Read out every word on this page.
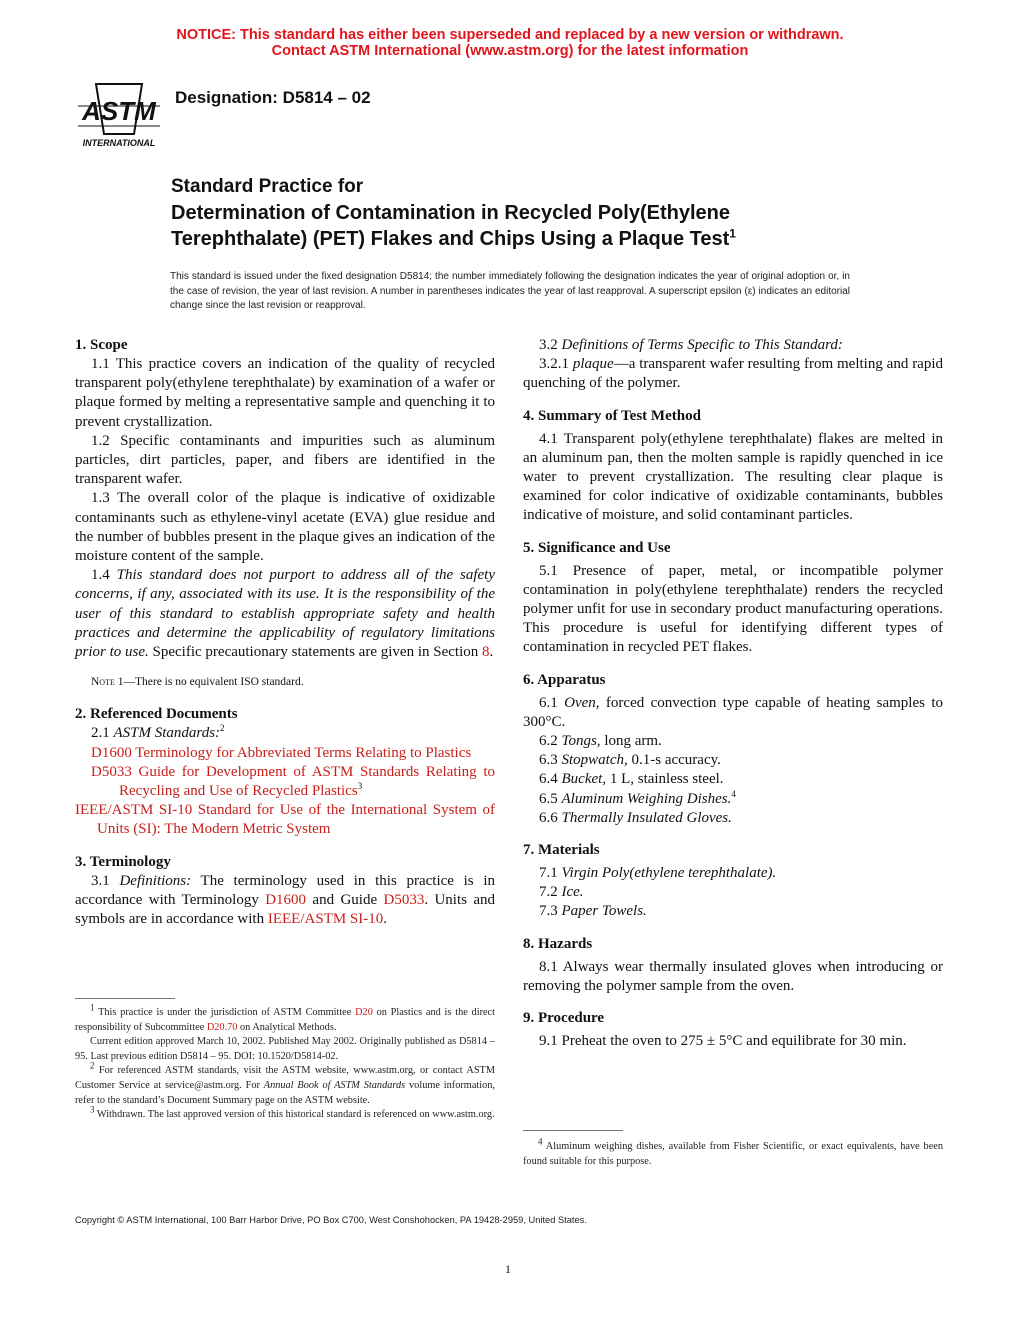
NOTICE: This standard has either been superseded and replaced by a new version or withdrawn.
Contact ASTM International (www.astm.org) for the latest information
ASTM
INTERNATIONAL
Designation: D5814 – 02
Standard Practice for
Determination of Contamination in Recycled Poly(Ethylene
Terephthalate) (PET) Flakes and Chips Using a Plaque Test$^1$

This standard is issued under the fixed designation D5814; the number immediately following the designation indicates the year of original adoption or, in the case of revision, the year of last revision. A number in parentheses indicates the year of last reapproval. A superscript epsilon (ε) indicates an editorial change since the last revision or reapproval.

1. Scope

1.1 This practice covers an indication of the quality of recycled transparent poly(ethylene terephthalate) by examination of a wafer or plaque formed by melting a representative sample and quenching it to prevent crystallization.

1.2 Specific contaminants and impurities such as aluminum particles, dirt particles, paper, and fibers are identified in the transparent wafer.

1.3 The overall color of the plaque is indicative of oxidizable contaminants such as ethylene-vinyl acetate (EVA) glue residue and the number of bubbles present in the plaque gives an indication of the moisture content of the sample.

1.4 This standard does not purport to address all of the safety concerns, if any, associated with its use. It is the responsibility of the user of this standard to establish appropriate safety and health practices and determine the applicability of regulatory limitations prior to use. Specific precautionary statements are given in Section 8.

Note 1—There is no equivalent ISO standard.

2. Referenced Documents

2.1 ASTM Standards:$^2$

D1600 Terminology for Abbreviated Terms Relating to Plastics

D5033 Guide for Development of ASTM Standards Relating to Recycling and Use of Recycled Plastics$^3$

IEEE/ASTM SI-10 Standard for Use of the International System of Units (SI): The Modern Metric System

3. Terminology

3.1 Definitions: The terminology used in this practice is in accordance with Terminology D1600 and Guide D5033. Units and symbols are in accordance with IEEE/ASTM SI-10.

3.2 Definitions of Terms Specific to This Standard:

3.2.1 plaque—a transparent wafer resulting from melting and rapid quenching of the polymer.

4. Summary of Test Method

4.1 Transparent poly(ethylene terephthalate) flakes are melted in an aluminum pan, then the molten sample is rapidly quenched in ice water to prevent crystallization. The resulting clear plaque is examined for color indicative of oxidizable contaminants, bubbles indicative of moisture, and solid contaminant particles.

5. Significance and Use

5.1 Presence of paper, metal, or incompatible polymer contamination in poly(ethylene terephthalate) renders the recycled polymer unfit for use in secondary product manufacturing operations. This procedure is useful for identifying different types of contamination in recycled PET flakes.

6. Apparatus

6.1 Oven, forced convection type capable of heating samples to 300°C.

6.2 Tongs, long arm.

6.3 Stopwatch, 0.1-s accuracy.

6.4 Bucket, 1 L, stainless steel.

6.5 Aluminum Weighing Dishes.$^4$

6.6 Thermally Insulated Gloves.

7. Materials

7.1 Virgin Poly(ethylene terephthalate).

7.2 Ice.

7.3 Paper Towels.

8. Hazards

8.1 Always wear thermally insulated gloves when introducing or removing the polymer sample from the oven.

9. Procedure

9.1 Preheat the oven to 275 ± 5°C and equilibrate for 30 min.

$^1$ This practice is under the jurisdiction of ASTM Committee D20 on Plastics and is the direct responsibility of Subcommittee D20.70 on Analytical Methods.

Current edition approved March 10, 2002. Published May 2002. Originally published as D5814 – 95. Last previous edition D5814 – 95. DOI: 10.1520/D5814-02.

$^2$ For referenced ASTM standards, visit the ASTM website, www.astm.org, or contact ASTM Customer Service at service@astm.org. For Annual Book of ASTM Standards volume information, refer to the standard’s Document Summary page on the ASTM website.

$^3$ Withdrawn. The last approved version of this historical standard is referenced on www.astm.org.

$^4$ Aluminum weighing dishes, available from Fisher Scientific, or exact equivalents, have been found suitable for this purpose.

Copyright © ASTM International, 100 Barr Harbor Drive, PO Box C700, West Conshohocken, PA 19428-2959, United States.
1
